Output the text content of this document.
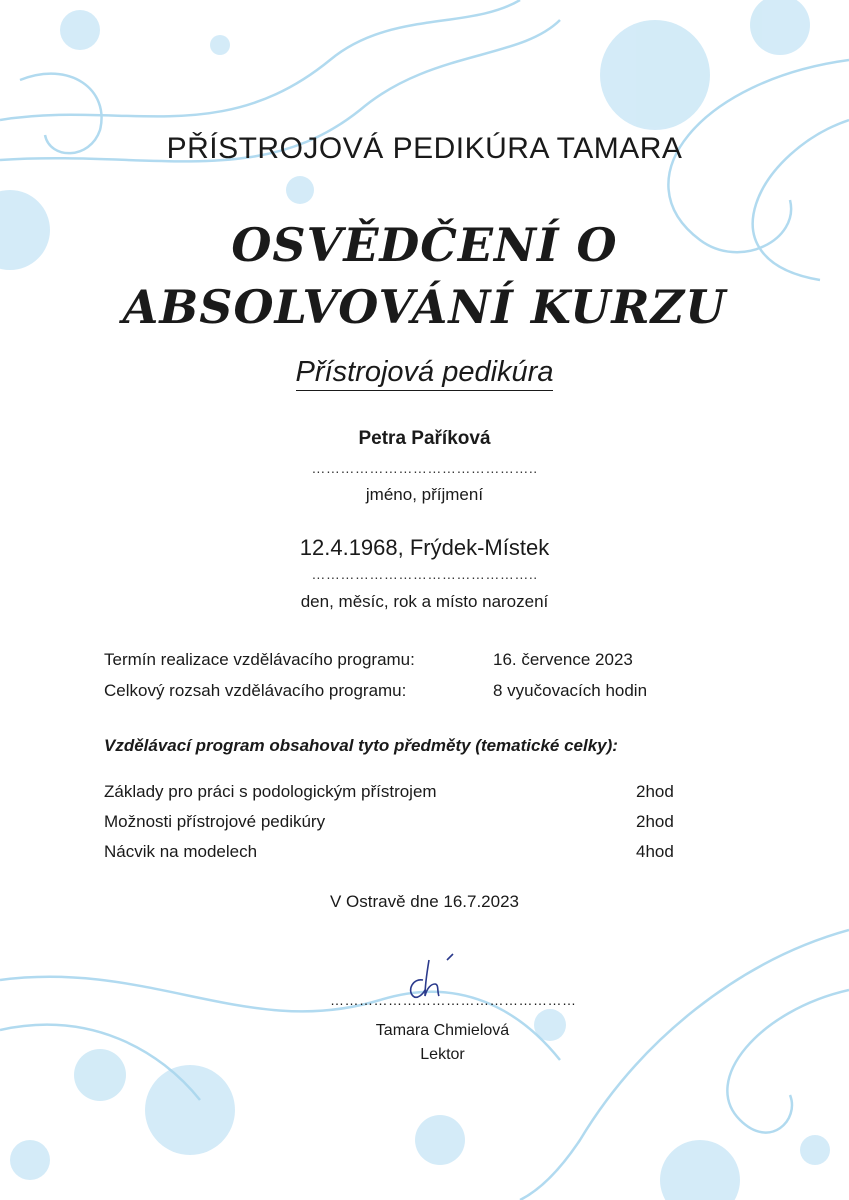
PŘÍSTROJOVÁ PEDIKÚRA TAMARA
OSVĚDČENÍ O
ABSOLVOVÁNÍ KURZU
Přístrojová pedikúra
Petra Paříková
………………………………………..
jméno, příjmení
12.4.1968, Frýdek-Místek
………………………………………..
den, měsíc, rok a místo narození
Termín realizace vzdělávacího programu:	16. července 2023
Celkový rozsah vzdělávacího programu:	8 vyučovacích hodin
Vzdělávací program obsahoval tyto předměty (tematické celky):
Základy pro práci s podologickým přístrojem	2hod
Možnosti přístrojové pedikúry	2hod
Nácvik na modelech	4hod
V Ostravě dne 16.7.2023
……………………………………………
Tamara Chmielová
Lektor
